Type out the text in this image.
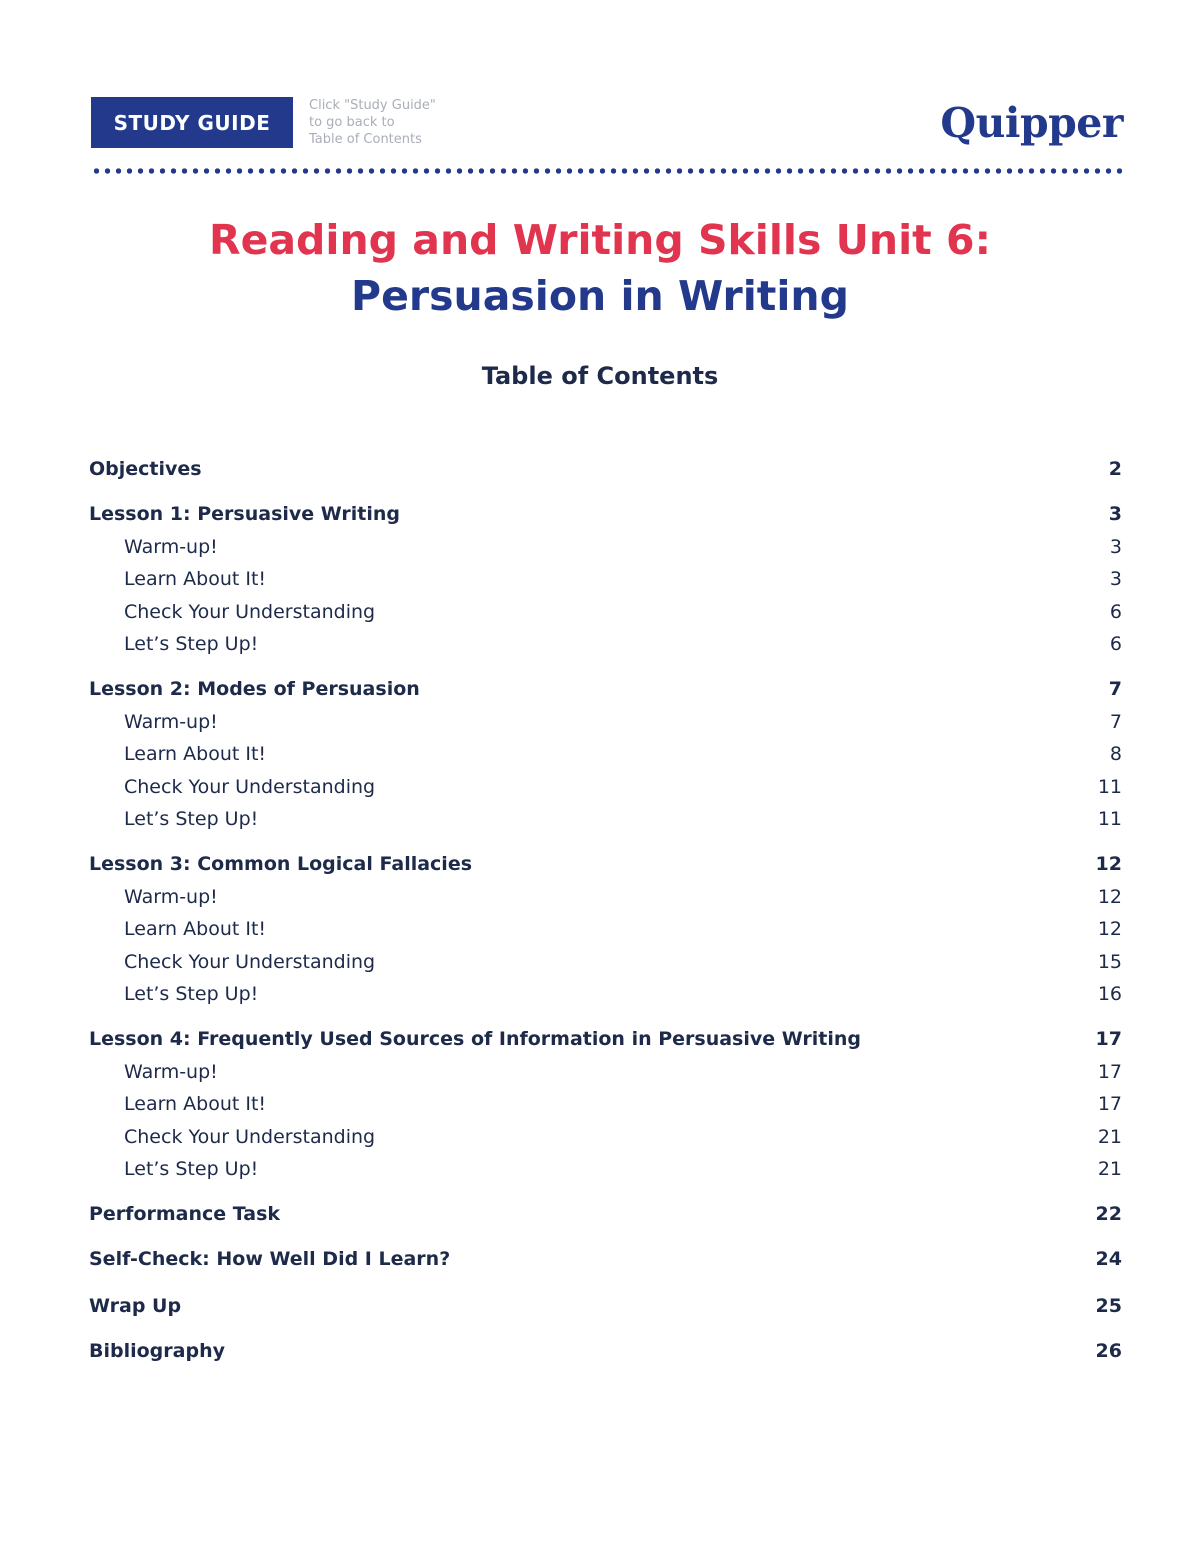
STUDY GUIDE
Click "Study Guide"
to go back to
Table of Contents	Quipper
Reading and Writing Skills Unit 6:
Persuasion in Writing
Table of Contents
Objectives	2
Lesson 1: Persuasive Writing	3
Warm-up!	3
Learn About It!	3
Check Your Understanding	6
Let’s Step Up!	6
Lesson 2: Modes of Persuasion	7
Warm-up!	7
Learn About It!	8
Check Your Understanding	11
Let’s Step Up!	11
Lesson 3: Common Logical Fallacies	12
Warm-up!	12
Learn About It!	12
Check Your Understanding	15
Let’s Step Up!	16
Lesson 4: Frequently Used Sources of Information in Persuasive Writing	17
Warm-up!	17
Learn About It!	17
Check Your Understanding	21
Let’s Step Up!	21
Performance Task	22
Self-Check: How Well Did I Learn?	24
Wrap Up	25
Bibliography	26
